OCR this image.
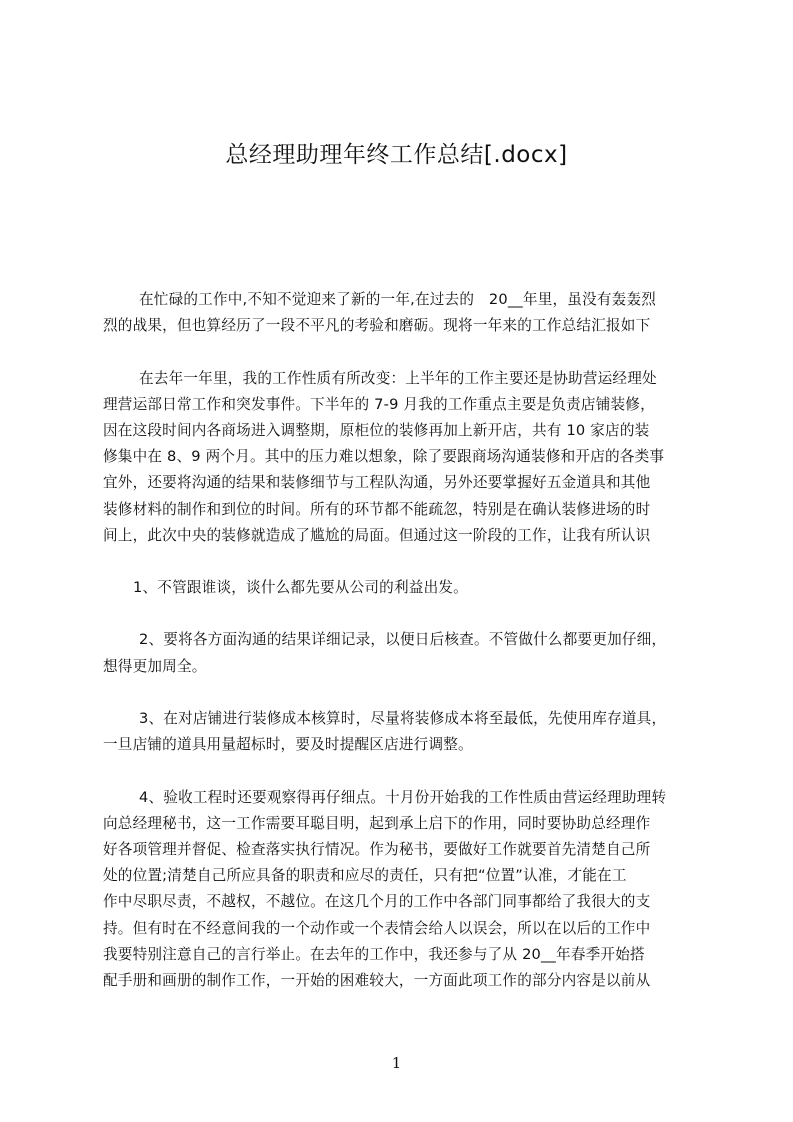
总经理助理年终工作总结[.docx]
在忙碌的工作中,不知不觉迎来了新的一年,在过去的　20__年里，虽没有轰轰烈
烈的战果，但也算经历了一段不平凡的考验和磨砺。现将一年来的工作总结汇报如下
在去年一年里，我的工作性质有所改变：上半年的工作主要还是协助营运经理处
理营运部日常工作和突发事件。下半年的 7-9 月我的工作重点主要是负责店铺装修，
因在这段时间内各商场进入调整期，原柜位的装修再加上新开店，共有 10 家店的装
修集中在 8、9 两个月。其中的压力难以想象，除了要跟商场沟通装修和开店的各类事
宜外，还要将沟通的结果和装修细节与工程队沟通，另外还要掌握好五金道具和其他
装修材料的制作和到位的时间。所有的环节都不能疏忽，特别是在确认装修进场的时
间上，此次中央的装修就造成了尴尬的局面。但通过这一阶段的工作，让我有所认识
1、不管跟谁谈，谈什么都先要从公司的利益出发。
2、要将各方面沟通的结果详细记录，以便日后核查。不管做什么都要更加仔细，
想得更加周全。
3、在对店铺进行装修成本核算时，尽量将装修成本将至最低，先使用库存道具，
一旦店铺的道具用量超标时，要及时提醒区店进行调整。
4、验收工程时还要观察得再仔细点。十月份开始我的工作性质由营运经理助理转
向总经理秘书，这一工作需要耳聪目明，起到承上启下的作用，同时要协助总经理作
好各项管理并督促、检查落实执行情况。作为秘书，要做好工作就要首先清楚自己所
处的位置;清楚自己所应具备的职责和应尽的责任，只有把“位置”认准，才能在工
作中尽职尽责，不越权，不越位。在这几个月的工作中各部门同事都给了我很大的支
持。但有时在不经意间我的一个动作或一个表情会给人以误会，所以在以后的工作中
我要特别注意自己的言行举止。在去年的工作中，我还参与了从 20__年春季开始搭
配手册和画册的制作工作，一开始的困难较大，一方面此项工作的部分内容是以前从
1
